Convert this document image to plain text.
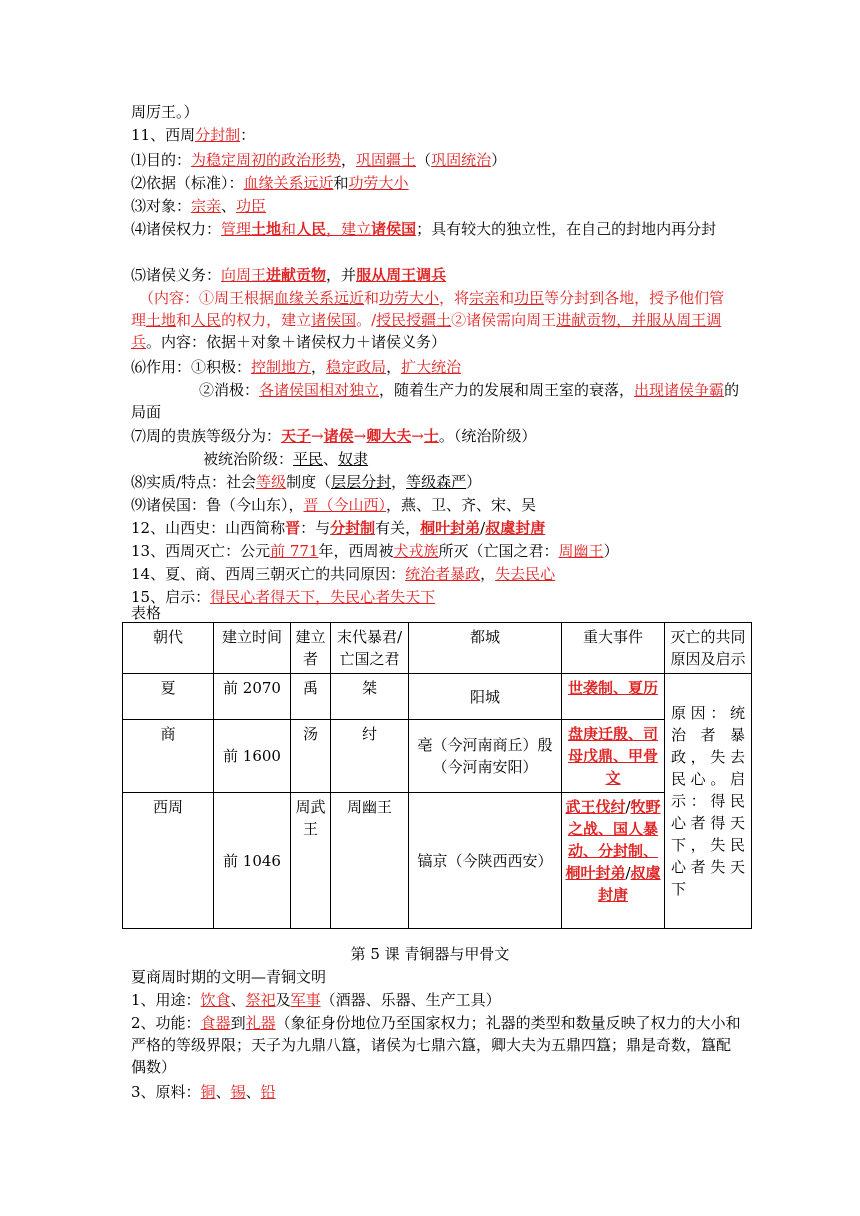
周厉王。）
11、西周分封制：
⑴目的：为稳定周初的政治形势，巩固疆土（巩固统治）
⑵依据（标准）：血缘关系远近和功劳大小
⑶对象：宗亲、功臣
⑷诸侯权力：管理土地和人民，建立诸侯国；具有较大的独立性，在自己的封地内再分封
⑸诸侯义务：向周王进献贡物，并服从周王调兵
（内容：①周王根据血缘关系远近和功劳大小，将宗亲和功臣等分封到各地，授予他们管理土地和人民的权力，建立诸侯国。/授民授疆土②诸侯需向周王进献贡物，并服从周王调兵。内容：依据＋对象＋诸侯权力＋诸侯义务）
⑹作用：①积极：控制地方，稳定政局，扩大统治
②消极：各诸侯国相对独立，随着生产力的发展和周王室的衰落，出现诸侯争霸的局面
⑺周的贵族等级分为：天子→诸侯→卿大夫→士。（统治阶级）
被统治阶级：平民、奴隶
⑻实质/特点：社会等级制度（层层分封，等级森严）
⑼诸侯国：鲁（今山东），晋（今山西），燕、卫、齐、宋、吴
12、山西史：山西简称晋：与分封制有关，桐叶封弟/叔虞封唐
13、西周灭亡：公元前 771年，西周被犬戎族所灭（亡国之君：周幽王）
14、夏、商、西周三朝灭亡的共同原因：统治者暴政，失去民心
15、启示：得民心者得天下，失民心者失天下
表格
朝代	建立时间	建立者	末代暴君/亡国之君	都城	重大事件	灭亡的共同原因及启示
夏	前 2070	禹	桀	阳城	世袭制、夏历	原因：统治者暴政，失去民心。启示：得民心者得天下，失民心者失天下
商	前 1600	汤	纣	亳（今河南商丘）殷（今河南安阳）	盘庚迁殷、司母戊鼎、甲骨文	
西周	前 1046	周武王	周幽王	镐京（今陕西西安）	武王伐纣/牧野之战、国人暴动、分封制、桐叶封弟/叔虞封唐	
第 5 课 青铜器与甲骨文
夏商周时期的文明—青铜文明
1、用途：饮食、祭祀及军事（酒器、乐器、生产工具）
2、功能：食器到礼器（象征身份地位乃至国家权力；礼器的类型和数量反映了权力的大小和严格的等级界限；天子为九鼎八簋，诸侯为七鼎六簋，卿大夫为五鼎四簋；鼎是奇数，簋配偶数）
3、原料：铜、锡、铅
